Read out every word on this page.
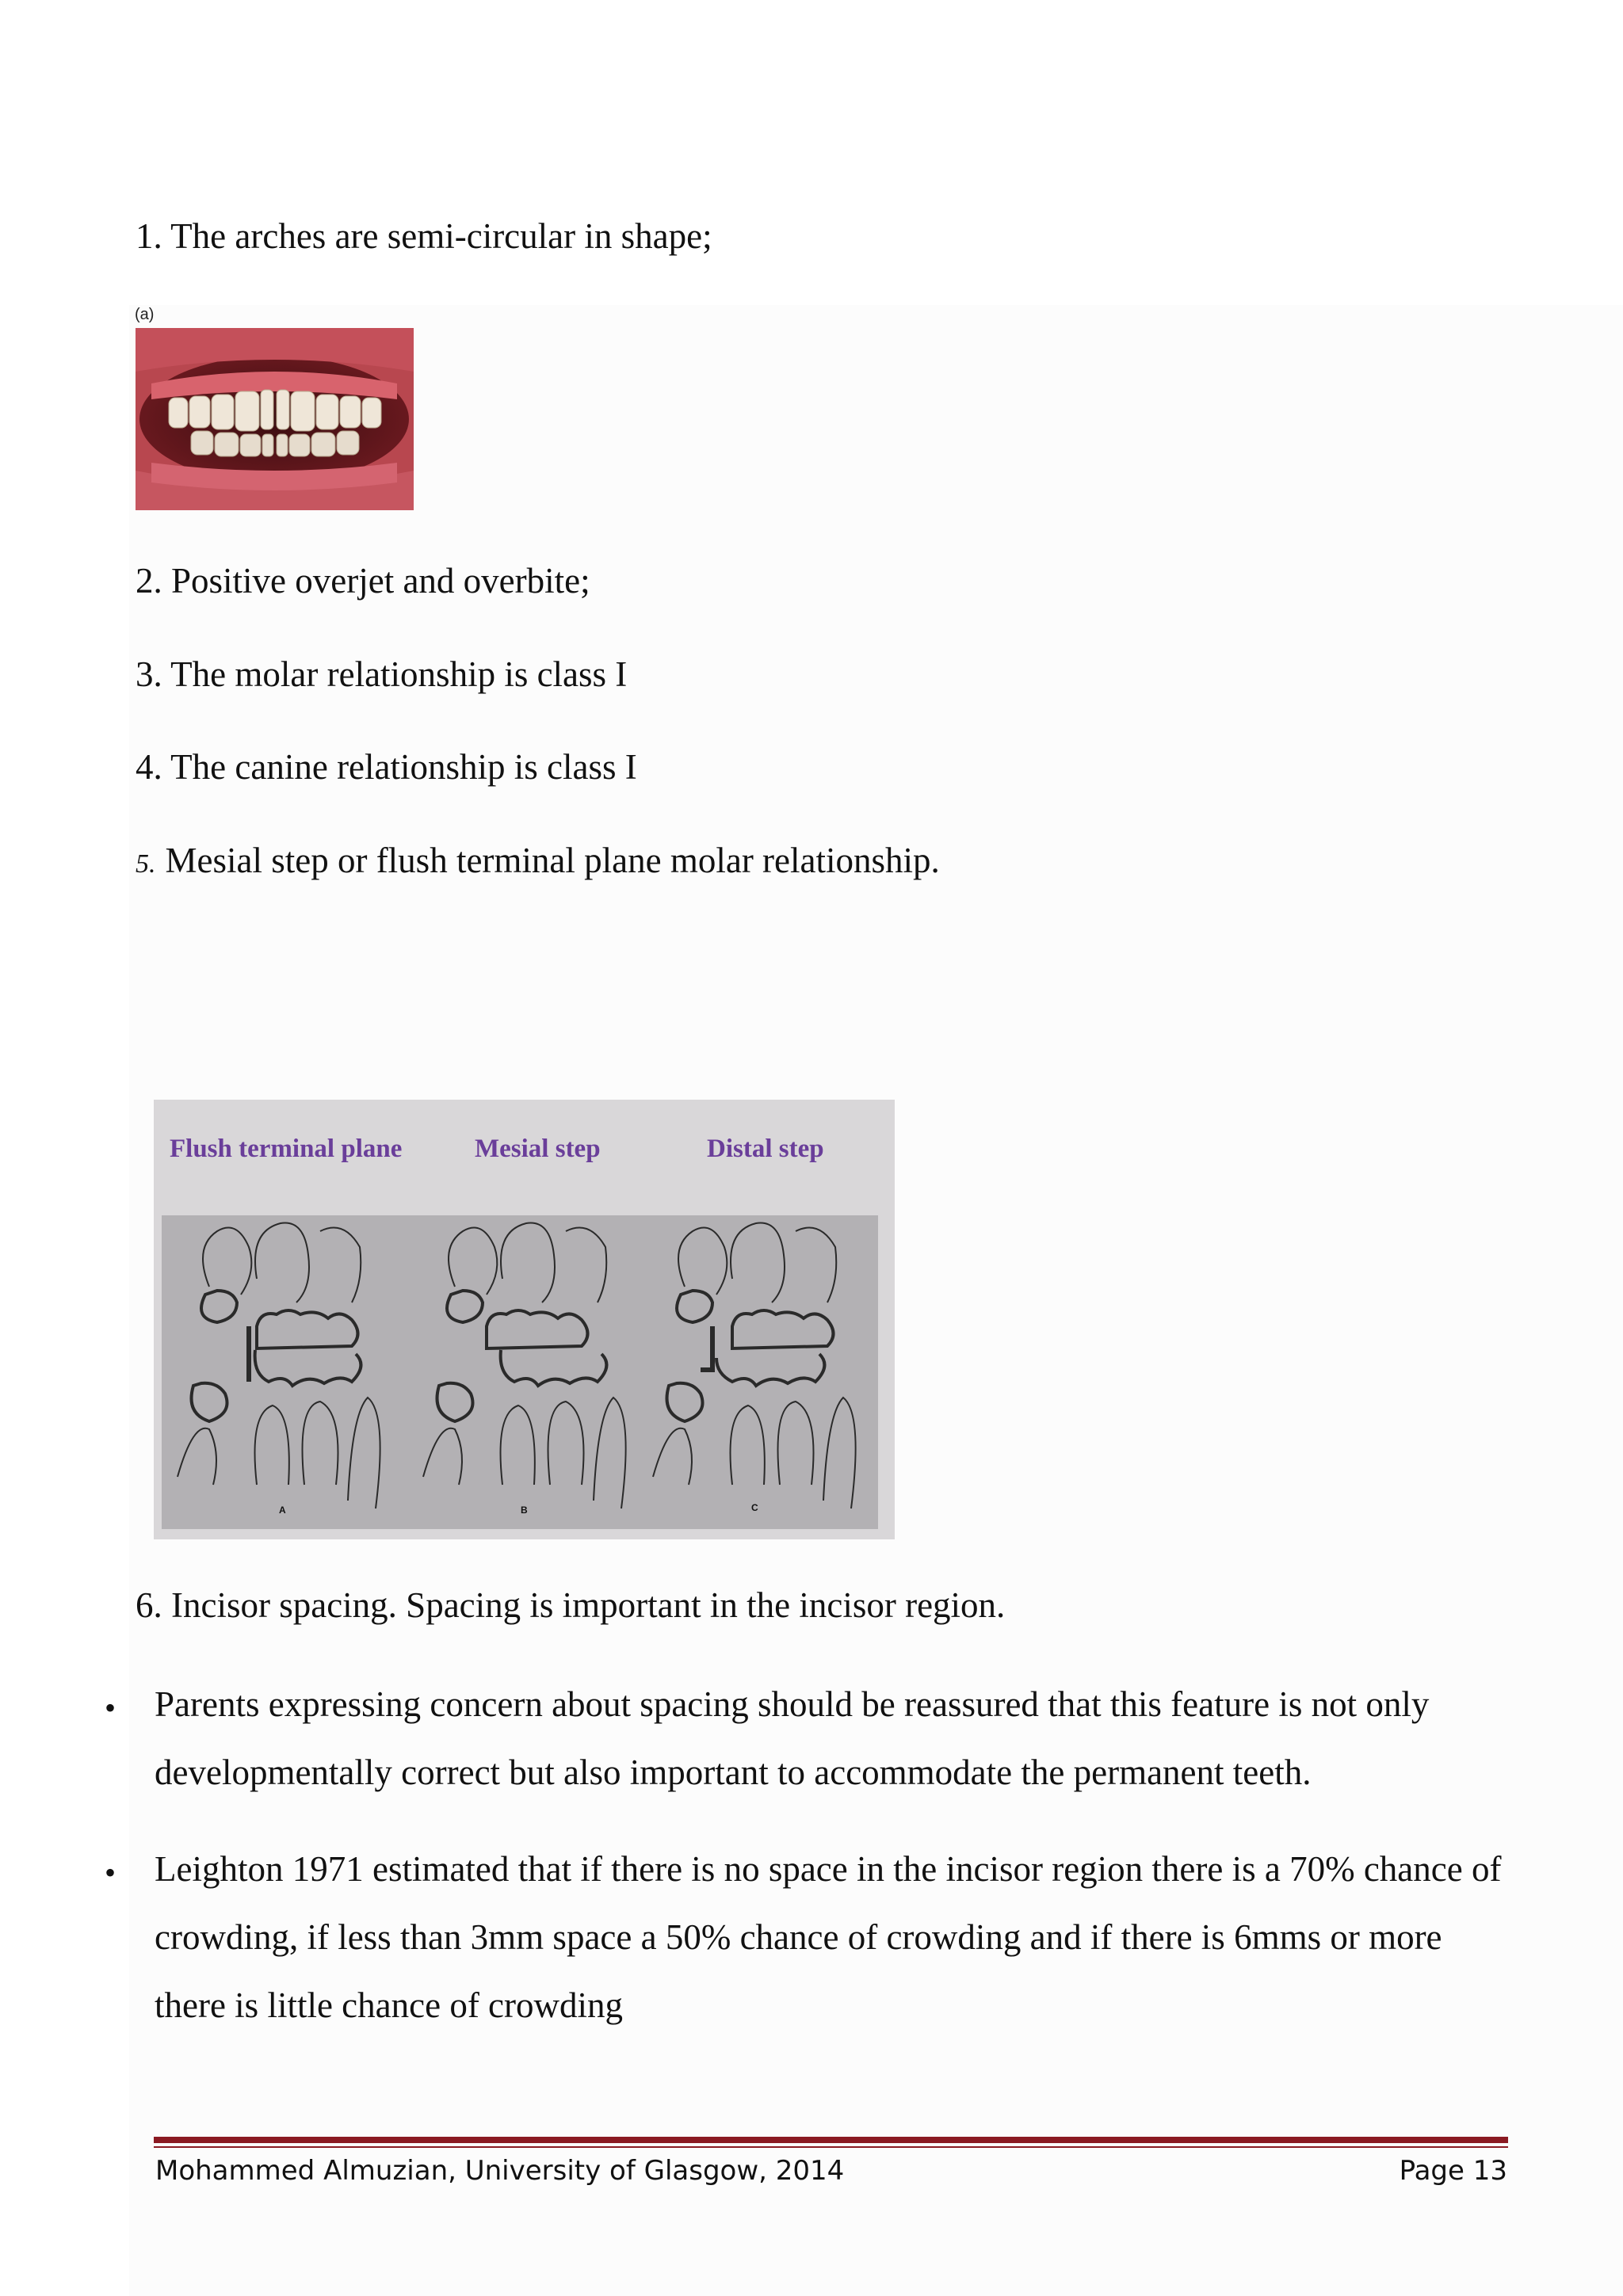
1. The arches are semi-circular in shape;
(a)
2. Positive overjet and overbite;
3. The molar relationship is class I
4. The canine relationship is class I
5. Mesial step or flush terminal plane molar relationship.
Flush terminal plane	Mesial step	Distal step
A	B	C
6. Incisor spacing. Spacing is important in the incisor region.
• Parents expressing concern about spacing should be reassured that this feature is not only developmentally correct but also important to accommodate the permanent teeth.
• Leighton 1971 estimated that if there is no space in the incisor region there is a 70% chance of crowding, if less than 3mm space a 50% chance of crowding and if there is 6mms or more there is little chance of crowding
Mohammed Almuzian, University of Glasgow, 2014	Page 13
